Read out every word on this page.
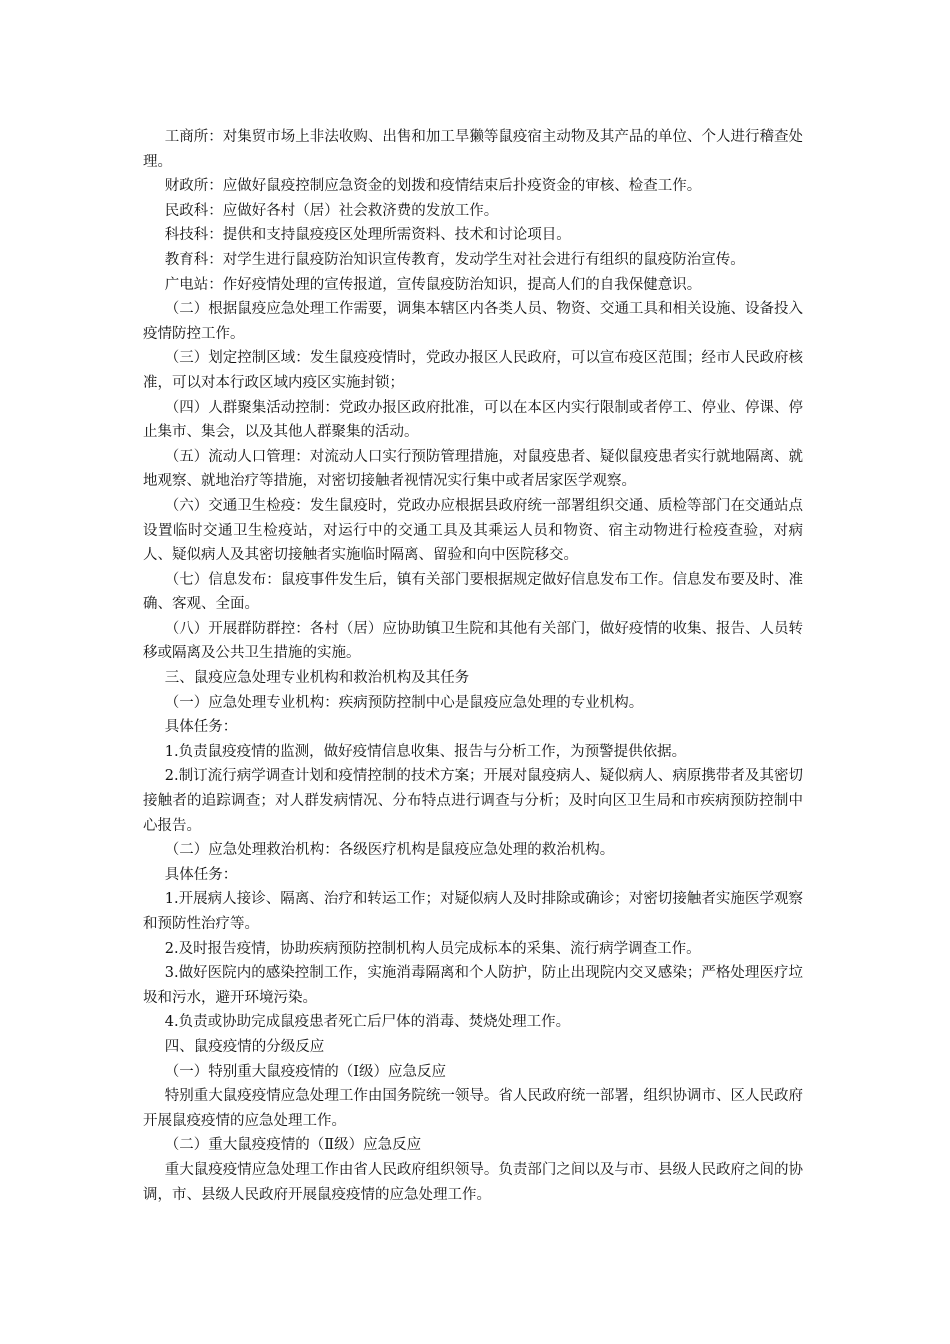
工商所：对集贸市场上非法收购、出售和加工旱獭等鼠疫宿主动物及其产品的单位、个人进行稽查处理。

财政所：应做好鼠疫控制应急资金的划拨和疫情结束后扑疫资金的审核、检查工作。

民政科：应做好各村（居）社会救济费的发放工作。

科技科：提供和支持鼠疫疫区处理所需资料、技术和讨论项目。

教育科：对学生进行鼠疫防治知识宣传教育，发动学生对社会进行有组织的鼠疫防治宣传。

广电站：作好疫情处理的宣传报道，宣传鼠疫防治知识，提高人们的自我保健意识。

（二）根据鼠疫应急处理工作需要，调集本辖区内各类人员、物资、交通工具和相关设施、设备投入疫情防控工作。

（三）划定控制区域：发生鼠疫疫情时，党政办报区人民政府，可以宣布疫区范围；经市人民政府核准，可以对本行政区域内疫区实施封锁；

（四）人群聚集活动控制：党政办报区政府批准，可以在本区内实行限制或者停工、停业、停课、停止集市、集会，以及其他人群聚集的活动。

（五）流动人口管理：对流动人口实行预防管理措施，对鼠疫患者、疑似鼠疫患者实行就地隔离、就地观察、就地治疗等措施，对密切接触者视情况实行集中或者居家医学观察。

（六）交通卫生检疫：发生鼠疫时，党政办应根据县政府统一部署组织交通、质检等部门在交通站点设置临时交通卫生检疫站，对运行中的交通工具及其乘运人员和物资、宿主动物进行检疫查验，对病人、疑似病人及其密切接触者实施临时隔离、留验和向中医院移交。

（七）信息发布：鼠疫事件发生后，镇有关部门要根据规定做好信息发布工作。信息发布要及时、准确、客观、全面。

（八）开展群防群控：各村（居）应协助镇卫生院和其他有关部门，做好疫情的收集、报告、人员转移或隔离及公共卫生措施的实施。

三、鼠疫应急处理专业机构和救治机构及其任务

（一）应急处理专业机构：疾病预防控制中心是鼠疫应急处理的专业机构。

具体任务：

1.负责鼠疫疫情的监测，做好疫情信息收集、报告与分析工作，为预警提供依据。

2.制订流行病学调查计划和疫情控制的技术方案；开展对鼠疫病人、疑似病人、病原携带者及其密切接触者的追踪调查；对人群发病情况、分布特点进行调查与分析；及时向区卫生局和市疾病预防控制中心报告。

（二）应急处理救治机构：各级医疗机构是鼠疫应急处理的救治机构。

具体任务：

1.开展病人接诊、隔离、治疗和转运工作；对疑似病人及时排除或确诊；对密切接触者实施医学观察和预防性治疗等。

2.及时报告疫情，协助疾病预防控制机构人员完成标本的采集、流行病学调查工作。

3.做好医院内的感染控制工作，实施消毒隔离和个人防护，防止出现院内交叉感染；严格处理医疗垃圾和污水，避开环境污染。

4.负责或协助完成鼠疫患者死亡后尸体的消毒、焚烧处理工作。

四、鼠疫疫情的分级反应

（一）特别重大鼠疫疫情的（Ⅰ级）应急反应

特别重大鼠疫疫情应急处理工作由国务院统一领导。省人民政府统一部署，组织协调市、区人民政府开展鼠疫疫情的应急处理工作。

（二）重大鼠疫疫情的（Ⅱ级）应急反应

重大鼠疫疫情应急处理工作由省人民政府组织领导。负责部门之间以及与市、县级人民政府之间的协调，市、县级人民政府开展鼠疫疫情的应急处理工作。
